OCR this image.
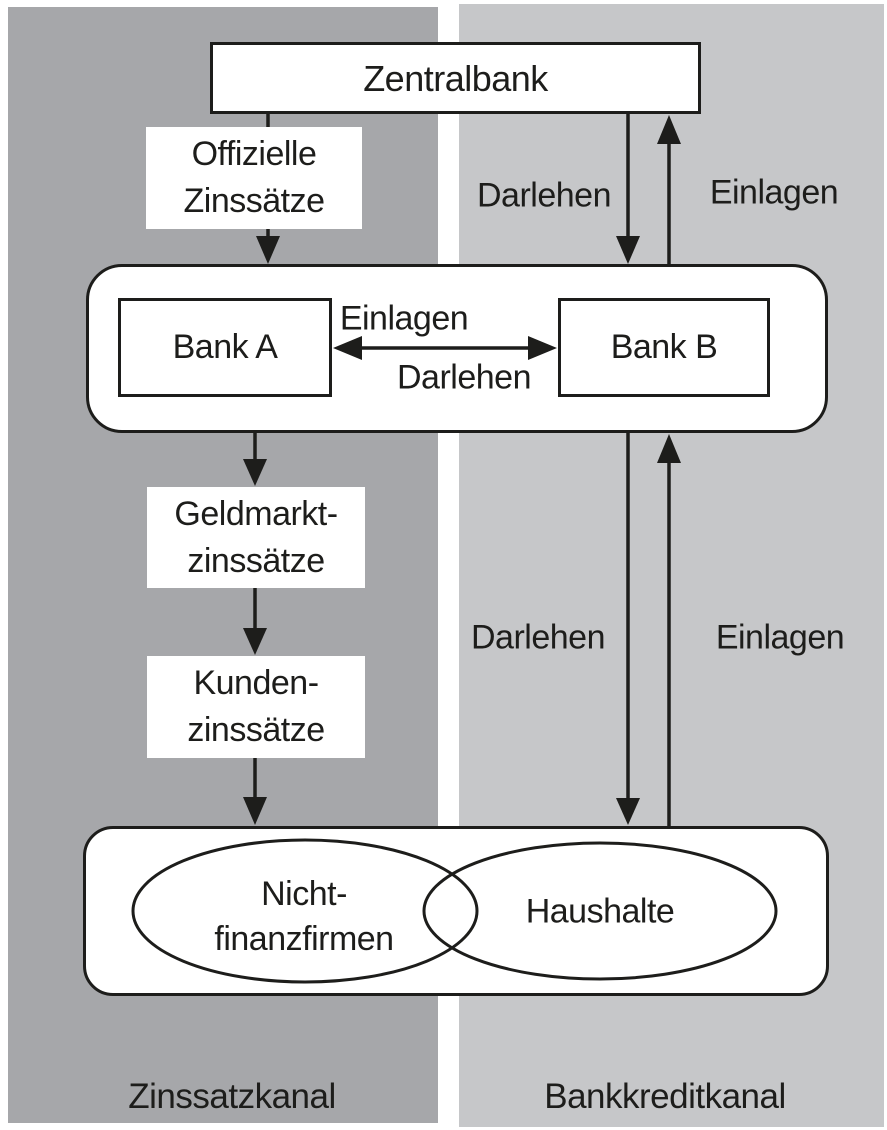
Zentralbank
Offizielle
Zinssätze
Bank A	Bank B
Geldmarkt-
zinssätze
Kunden-
zinssätze
Darlehen	Einlagen
Einlagen
Darlehen
Darlehen	Einlagen
Nicht-
finanzfirmen
Haushalte
Zinssatzkanal	Bankkreditkanal
